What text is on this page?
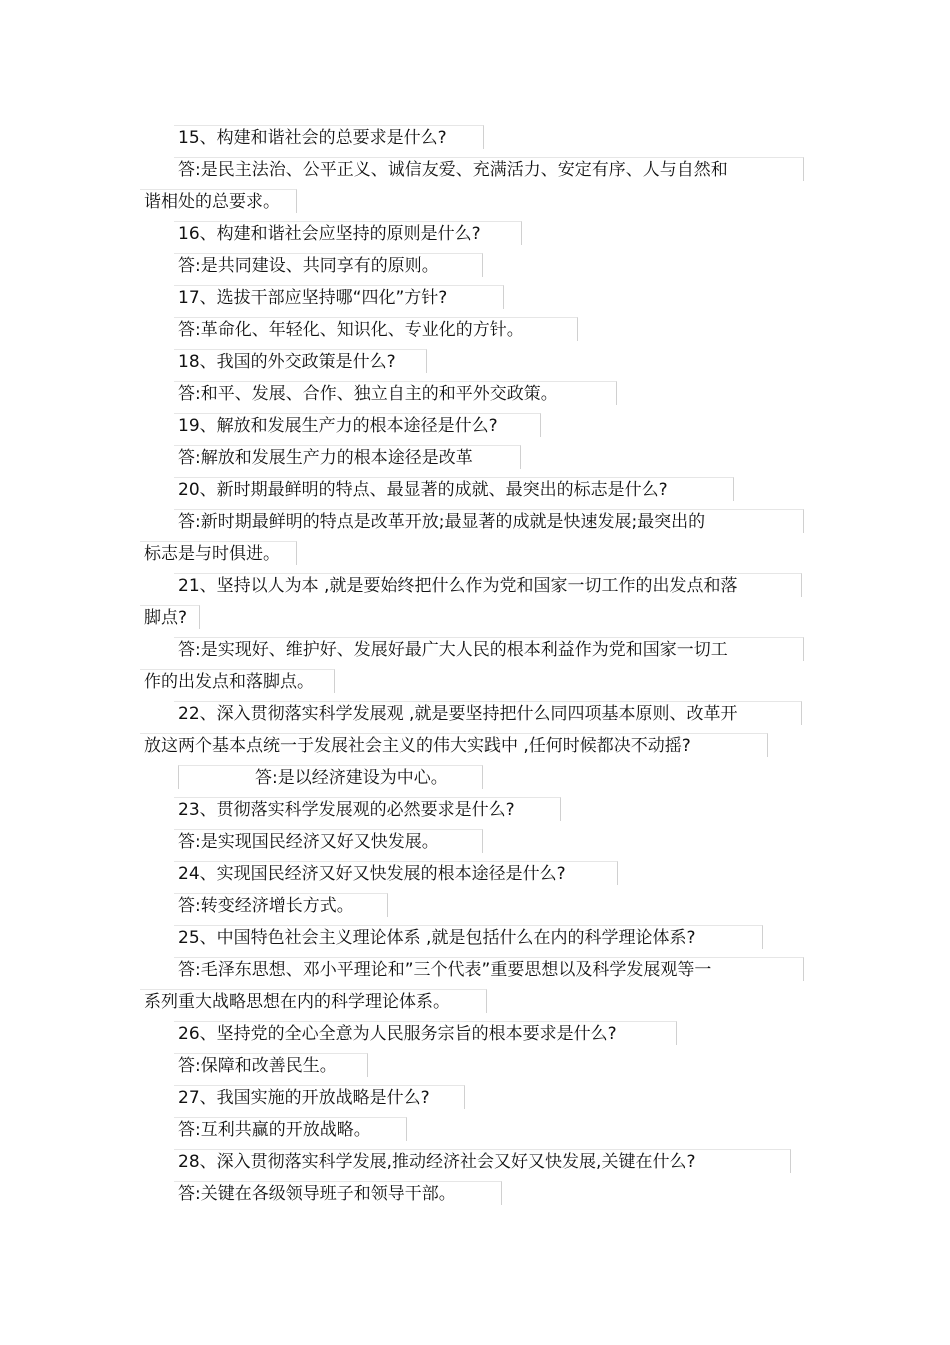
15、构建和谐社会的总要求是什么?
答:是民主法治、公平正义、诚信友爱、充满活力、安定有序、人与自然和
谐相处的总要求。
16、构建和谐社会应坚持的原则是什么?
答:是共同建设、共同享有的原则。
17、选拔干部应坚持哪“四化”方针?
答:革命化、年轻化、知识化、专业化的方针。
18、我国的外交政策是什么?
答:和平、发展、合作、独立自主的和平外交政策。
19、解放和发展生产力的根本途径是什么?
答:解放和发展生产力的根本途径是改革
20、新时期最鲜明的特点、最显著的成就、最突出的标志是什么?
答:新时期最鲜明的特点是改革开放;最显著的成就是快速发展;最突出的
标志是与时俱进。
21、坚持以人为本 ,就是要始终把什么作为党和国家一切工作的出发点和落
脚点?
答:是实现好、维护好、发展好最广大人民的根本利益作为党和国家一切工
作的出发点和落脚点。
22、深入贯彻落实科学发展观 ,就是要坚持把什么同四项基本原则、改革开
放这两个基本点统一于发展社会主义的伟大实践中 ,任何时候都决不动摇?
答:是以经济建设为中心。
23、贯彻落实科学发展观的必然要求是什么?
答:是实现国民经济又好又快发展。
24、实现国民经济又好又快发展的根本途径是什么?
答:转变经济增长方式。
25、中国特色社会主义理论体系 ,就是包括什么在内的科学理论体系?
答:毛泽东思想、邓小平理论和”三个代表”重要思想以及科学发展观等一
系列重大战略思想在内的科学理论体系。
26、坚持党的全心全意为人民服务宗旨的根本要求是什么?
答:保障和改善民生。
27、我国实施的开放战略是什么?
答:互利共赢的开放战略。
28、深入贯彻落实科学发展,推动经济社会又好又快发展,关键在什么?
答:关键在各级领导班子和领导干部。
